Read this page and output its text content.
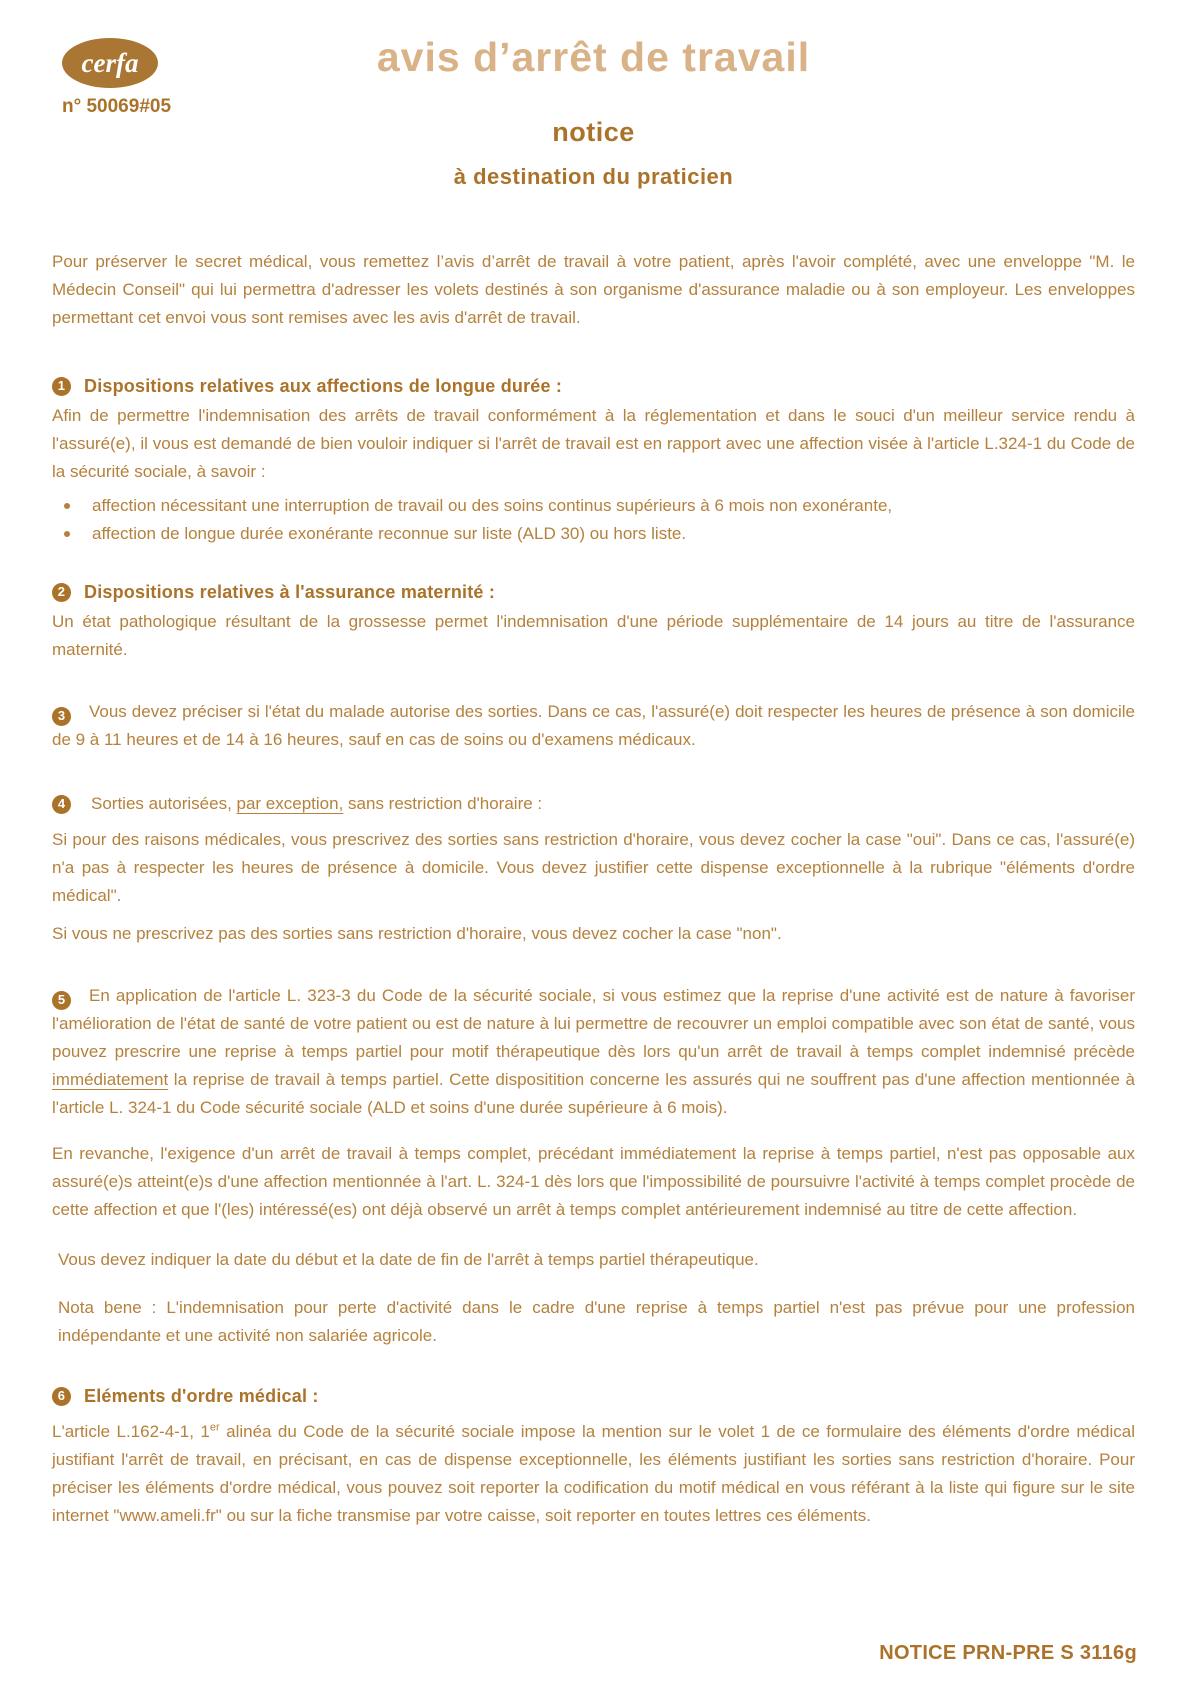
cerfa
n° 50069#05
avis d’arrêt de travail
notice
à destination du praticien

Pour préserver le secret médical, vous remettez l’avis d’arrêt de travail à votre patient, après l'avoir complété, avec une enveloppe "M. le Médecin Conseil" qui lui permettra d'adresser les volets destinés à son organisme d'assurance maladie ou à son employeur. Les enveloppes permettant cet envoi vous sont remises avec les avis d'arrêt de travail.

1 Dispositions relatives aux affections de longue durée :

Afin de permettre l'indemnisation des arrêts de travail conformément à la réglementation et dans le souci d'un meilleur service rendu à l'assuré(e), il vous est demandé de bien vouloir indiquer si l'arrêt de travail est en rapport avec une affection visée à l'article L.324-1 du Code de la sécurité sociale, à savoir :

affection nécessitant une interruption de travail ou des soins continus supérieurs à 6 mois non exonérante,
affection de longue durée exonérante reconnue sur liste (ALD 30) ou hors liste.
2 Dispositions relatives à l'assurance maternité :

Un état pathologique résultant de la grossesse permet l'indemnisation d'une période supplémentaire de 14 jours au titre de l'assurance maternité.

3 Vous devez préciser si l'état du malade autorise des sorties. Dans ce cas, l'assuré(e) doit respecter les heures de présence à son domicile de 9 à 11 heures et de 14 à 16 heures, sauf en cas de soins ou d'examens médicaux.

4 Sorties autorisées, par exception, sans restriction d'horaire :

Si pour des raisons médicales, vous prescrivez des sorties sans restriction d'horaire, vous devez cocher la case "oui". Dans ce cas, l'assuré(e) n'a pas à respecter les heures de présence à domicile. Vous devez justifier cette dispense exceptionnelle à la rubrique "éléments d'ordre médical".

Si vous ne prescrivez pas des sorties sans restriction d'horaire, vous devez cocher la case "non".

5 En application de l'article L. 323-3 du Code de la sécurité sociale, si vous estimez que la reprise d'une activité est de nature à favoriser l'amélioration de l'état de santé de votre patient ou est de nature à lui permettre de recouvrer un emploi compatible avec son état de santé, vous pouvez prescrire une reprise à temps partiel pour motif thérapeutique dès lors qu'un arrêt de travail à temps complet indemnisé précède immédiatement la reprise de travail à temps partiel. Cette dispositition concerne les assurés qui ne souffrent pas d'une affection mentionnée à l'article L. 324-1 du Code sécurité sociale (ALD et soins d'une durée supérieure à 6 mois).

En revanche, l'exigence d'un arrêt de travail à temps complet, précédant immédiatement la reprise à temps partiel, n'est pas opposable aux assuré(e)s atteint(e)s d'une affection mentionnée à l'art. L. 324-1 dès lors que l'impossibilité de poursuivre l'activité à temps complet procède de cette affection et que l'(les) intéressé(es) ont déjà observé un arrêt à temps complet antérieurement indemnisé au titre de cette affection.

Vous devez indiquer la date du début et la date de fin de l'arrêt à temps partiel thérapeutique.

Nota bene : L'indemnisation pour perte d'activité dans le cadre d'une reprise à temps partiel n'est pas prévue pour une profession indépendante et une activité non salariée agricole.

6 Eléments d'ordre médical :

L'article L.162-4-1, 1er alinéa du Code de la sécurité sociale impose la mention sur le volet 1 de ce formulaire des éléments d'ordre médical justifiant l'arrêt de travail, en précisant, en cas de dispense exceptionnelle, les éléments justifiant les sorties sans restriction d'horaire. Pour préciser les éléments d'ordre médical, vous pouvez soit reporter la codification du motif médical en vous référant à la liste qui figure sur le site internet "www.ameli.fr" ou sur la fiche transmise par votre caisse, soit reporter en toutes lettres ces éléments.

NOTICE PRN-PRE S 3116g
